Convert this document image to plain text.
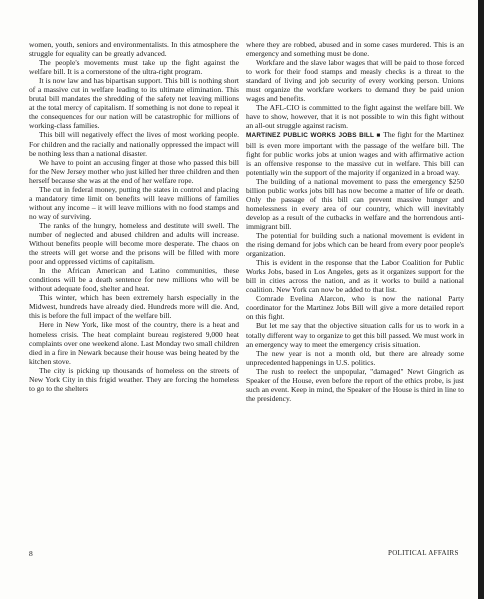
women, youth, seniors and environmentalists. In this atmosphere the struggle for equality can be greatly advanced.

The people's movements must take up the fight against the welfare bill. It is a cornerstone of the ultra-right program.

It is now law and has bipartisan support. This bill is nothing short of a massive cut in welfare leading to its ultimate elimination. This brutal bill mandates the shredding of the safety net leaving millions at the total mercy of capitalism. If something is not done to repeal it the consequences for our nation will be catastrophic for millions of working-class families.

This bill will negatively effect the lives of most working people. For children and the racially and nationally oppressed the impact will be nothing less than a national disaster.

We have to point an accusing finger at those who passed this bill for the New Jersey mother who just killed her three children and then herself because she was at the end of her welfare rope.

The cut in federal money, putting the states in control and placing a mandatory time limit on benefits will leave millions of families without any income – it will leave millions with no food stamps and no way of surviving.

The ranks of the hungry, homeless and destitute will swell. The number of neglected and abused children and adults will increase. Without benefits people will become more desperate. The chaos on the streets will get worse and the prisons will be filled with more poor and oppressed victims of capitalism.

In the African American and Latino communities, these conditions will be a death sentence for new millions who will be without adequate food, shelter and heat.

This winter, which has been extremely harsh especially in the Midwest, hundreds have already died. Hundreds more will die. And, this is before the full impact of the welfare bill.

Here in New York, like most of the country, there is a heat and homeless crisis. The heat complaint bureau registered 9,000 heat complaints over one weekend alone. Last Monday two small children died in a fire in Newark because their house was being heated by the kitchen stove.

The city is picking up thousands of homeless on the streets of New York City in this frigid weather. They are forcing the homeless to go to the shelters

where they are robbed, abused and in some cases murdered. This is an emergency and something must be done.

Workfare and the slave labor wages that will be paid to those forced to work for their food stamps and measly checks is a threat to the standard of living and job security of every working person. Unions must organize the workfare workers to demand they be paid union wages and benefits.

The AFL-CIO is committed to the fight against the welfare bill. We have to show, however, that it is not possible to win this fight without an all-out struggle against racism.

MARTINEZ PUBLIC WORKS JOBS BILL ■ The fight for the Martinez bill is even more important with the passage of the welfare bill. The fight for public works jobs at union wages and with affirmative action is an offensive response to the massive cut in welfare. This bill can potentially win the support of the majority if organized in a broad way.

The building of a national movement to pass the emergency $250 billion public works jobs bill has now become a matter of life or death. Only the passage of this bill can prevent massive hunger and homelessness in every area of our country, which will inevitably develop as a result of the cutbacks in welfare and the horrendous anti-immigrant bill.

The potential for building such a national movement is evident in the rising demand for jobs which can be heard from every poor people's organization.

This is evident in the response that the Labor Coalition for Public Works Jobs, based in Los Angeles, gets as it organizes support for the bill in cities across the nation, and as it works to build a national coalition. New York can now be added to that list.

Comrade Evelina Alarcon, who is now the national Party coordinator for the Martinez Jobs Bill will give a more detailed report on this fight.

But let me say that the objective situation calls for us to work in a totally different way to organize to get this bill passed. We must work in an emergency way to meet the emergency crisis situation.

The new year is not a month old, but there are already some unprecedented happenings in U.S. politics.

The rush to reelect the unpopular, "damaged" Newt Gingrich as Speaker of the House, even before the report of the ethics probe, is just such an event. Keep in mind, the Speaker of the House is third in line to the presidency.

8	POLITICAL AFFAIRS
